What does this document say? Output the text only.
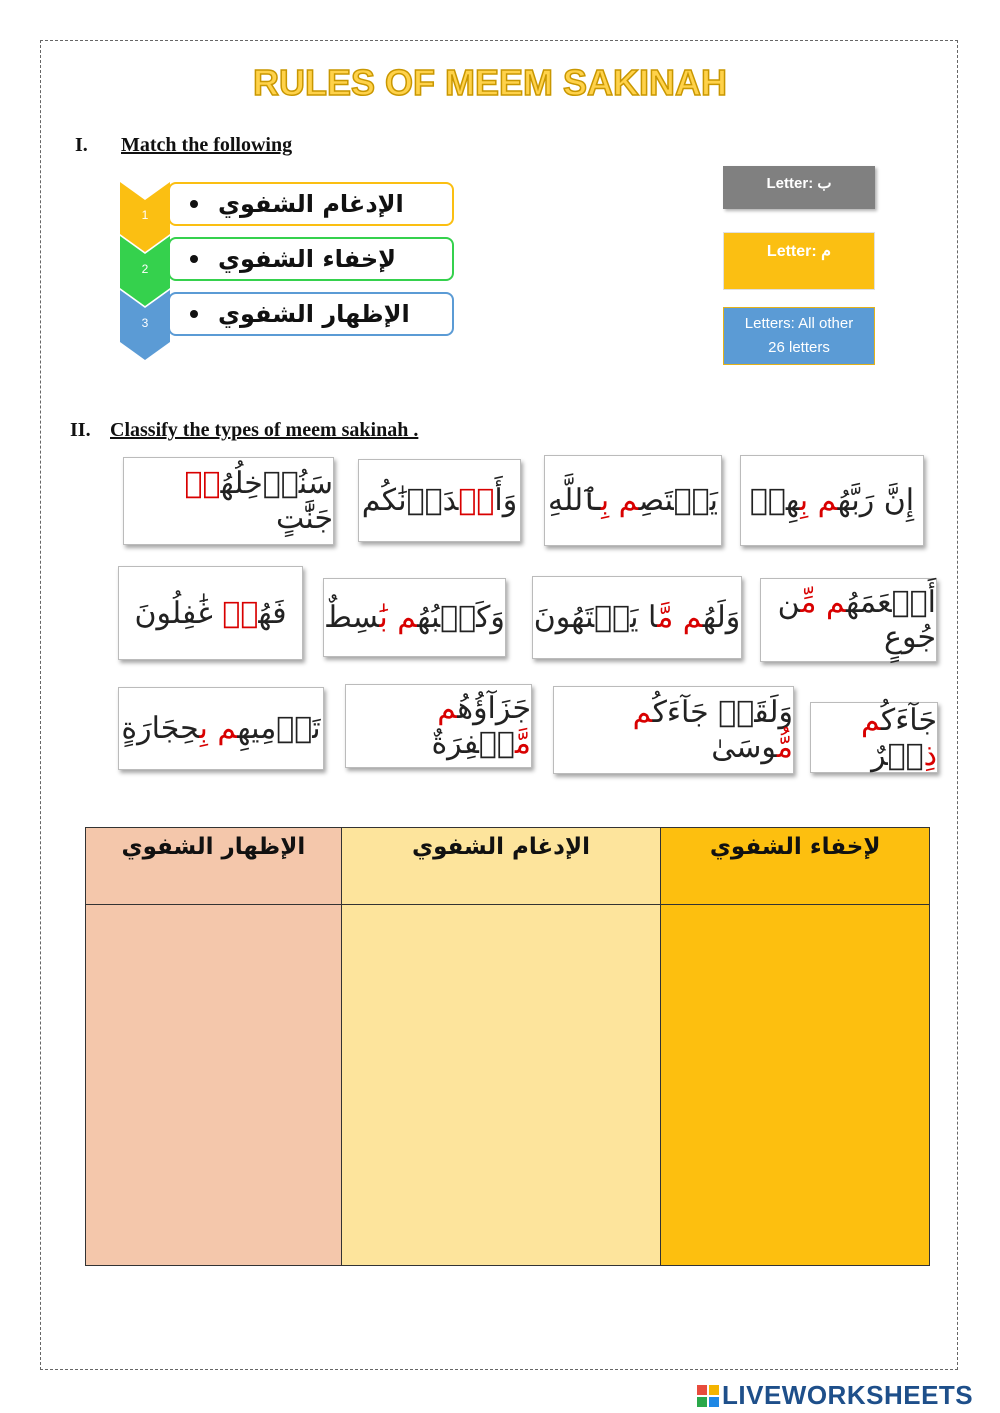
RULES OF MEEM SAKINAH
I. Match the following
1
2
3
الإدغام الشفوي
لإخفاء الشفوي
الإظهار الشفوي
Letter: ب
Letter: م
Letters: All other 26 letters
II. Classify the types of meem sakinah .
سَنُدۡخِلُهُمۡ جَنَّٰتٍ
وَأَمۡدَدۡنَٰكُم	يَعۡتَصِم بِٱللَّهِ	إِنَّ رَبَّهُم بِهِمۡ
فَهُمۡ غَٰفِلُونَ	وَكَلۡبُهُم بَٰسِطٌ	وَلَهُم مَّا يَشۡتَهُونَ	أَطۡعَمَهُم مِّن جُوعٍ
تَرۡمِيهِم بِحِجَارَةٍ
جَزَآؤُهُم مَّغۡفِرَةٌ
وَلَقَدۡ جَآءَكُم مُّوسَىٰ
جَآءَكُم ذِكۡرٌ
الإظهار الشفوي	الإدغام الشفوي	لإخفاء الشفوي

LIVEWORKSHEETS
